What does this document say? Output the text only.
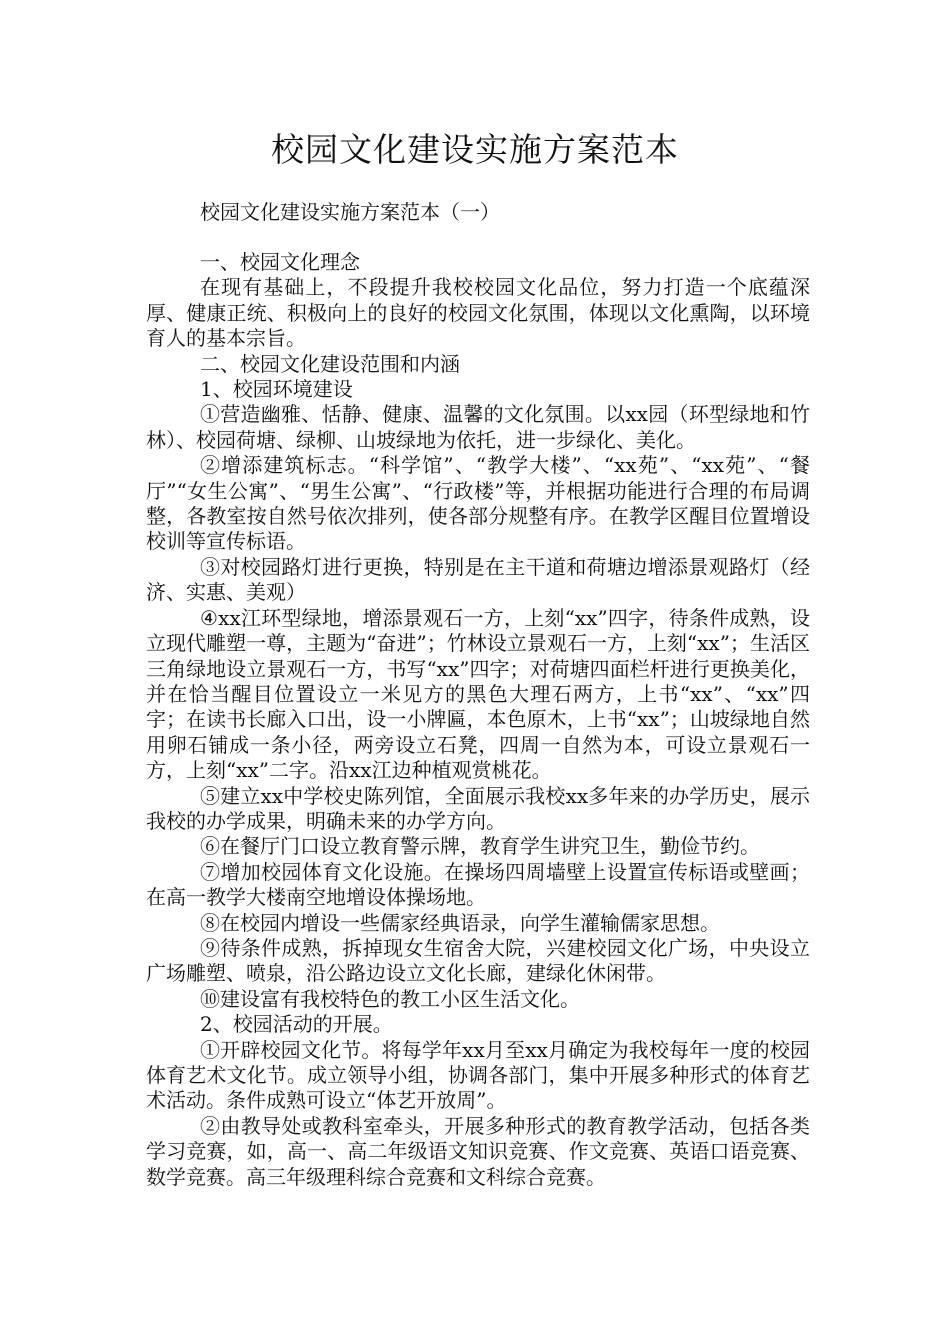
校园文化建设实施方案范本

校园文化建设实施方案范本（一）

一、校园文化理念

在现有基础上，不段提升我校校园文化品位，努力打造一个底蕴深厚、健康正统、积极向上的良好的校园文化氛围，体现以文化熏陶，以环境育人的基本宗旨。

二、校园文化建设范围和内涵

1、校园环境建设

①营造幽雅、恬静、健康、温馨的文化氛围。以xx园（环型绿地和竹林）、校园荷塘、绿柳、山坡绿地为依托，进一步绿化、美化。

②增添建筑标志。“科学馆”、“教学大楼”、“xx苑”、“xx苑”、“餐厅”“女生公寓”、“男生公寓”、“行政楼”等，并根据功能进行合理的布局调整，各教室按自然号依次排列，使各部分规整有序。在教学区醒目位置增设校训等宣传标语。

③对校园路灯进行更换，特别是在主干道和荷塘边增添景观路灯（经济、实惠、美观）

④xx江环型绿地，增添景观石一方，上刻“xx”四字，待条件成熟，设立现代雕塑一尊，主题为“奋进”；竹林设立景观石一方，上刻“xx”；生活区三角绿地设立景观石一方，书写“xx”四字；对荷塘四面栏杆进行更换美化，并在恰当醒目位置设立一米见方的黑色大理石两方，上书“xx”、“xx”四字；在读书长廊入口出，设一小牌匾，本色原木，上书“xx”；山坡绿地自然用卵石铺成一条小径，两旁设立石凳，四周一自然为本，可设立景观石一方，上刻“xx”二字。沿xx江边种植观赏桃花。

⑤建立xx中学校史陈列馆，全面展示我校xx多年来的办学历史，展示我校的办学成果，明确未来的办学方向。

⑥在餐厅门口设立教育警示牌，教育学生讲究卫生，勤俭节约。

⑦增加校园体育文化设施。在操场四周墙壁上设置宣传标语或壁画；在高一教学大楼南空地增设体操场地。

⑧在校园内增设一些儒家经典语录，向学生灌输儒家思想。

⑨待条件成熟，拆掉现女生宿舍大院，兴建校园文化广场，中央设立广场雕塑、喷泉，沿公路边设立文化长廊，建绿化休闲带。

⑩建设富有我校特色的教工小区生活文化。

2、校园活动的开展。

①开辟校园文化节。将每学年xx月至xx月确定为我校每年一度的校园体育艺术文化节。成立领导小组，协调各部门，集中开展多种形式的体育艺术活动。条件成熟可设立“体艺开放周”。

②由教导处或教科室牵头，开展多种形式的教育教学活动，包括各类学习竞赛，如，高一、高二年级语文知识竞赛、作文竞赛、英语口语竞赛、数学竞赛。高三年级理科综合竞赛和文科综合竞赛。
